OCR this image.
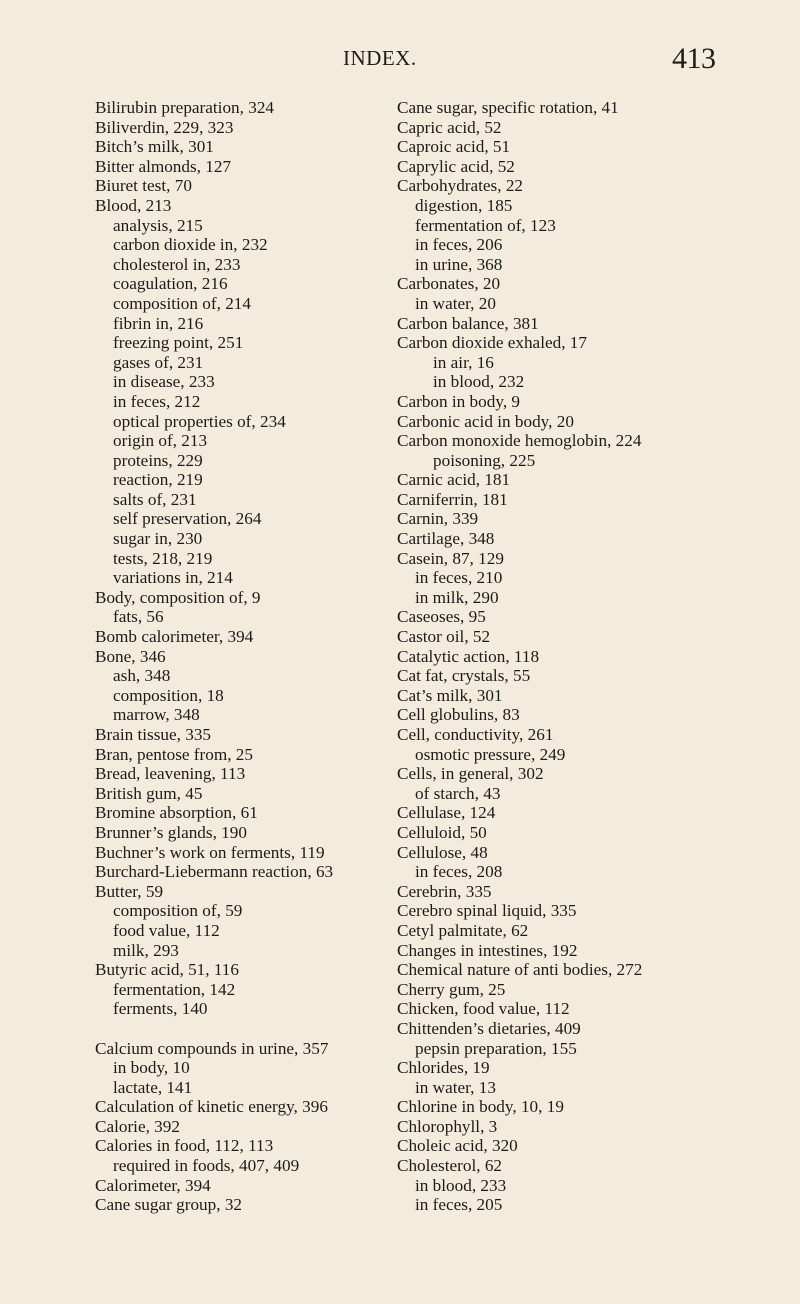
INDEX.	413
Bilirubin preparation, 324
Biliverdin, 229, 323
Bitch’s milk, 301
Bitter almonds, 127
Biuret test, 70
Blood, 213
analysis, 215
carbon dioxide in, 232
cholesterol in, 233
coagulation, 216
composition of, 214
fibrin in, 216
freezing point, 251
gases of, 231
in disease, 233
in feces, 212
optical properties of, 234
origin of, 213
proteins, 229
reaction, 219
salts of, 231
self preservation, 264
sugar in, 230
tests, 218, 219
variations in, 214
Body, composition of, 9
fats, 56
Bomb calorimeter, 394
Bone, 346
ash, 348
composition, 18
marrow, 348
Brain tissue, 335
Bran, pentose from, 25
Bread, leavening, 113
British gum, 45
Bromine absorption, 61
Brunner’s glands, 190
Buchner’s work on ferments, 119
Burchard-Liebermann reaction, 63
Butter, 59
composition of, 59
food value, 112
milk, 293
Butyric acid, 51, 116
fermentation, 142
ferments, 140
Calcium compounds in urine, 357
in body, 10
lactate, 141
Calculation of kinetic energy, 396
Calorie, 392
Calories in food, 112, 113
required in foods, 407, 409
Calorimeter, 394
Cane sugar group, 32
Cane sugar, specific rotation, 41
Capric acid, 52
Caproic acid, 51
Caprylic acid, 52
Carbohydrates, 22
digestion, 185
fermentation of, 123
in feces, 206
in urine, 368
Carbonates, 20
in water, 20
Carbon balance, 381
Carbon dioxide exhaled, 17
in air, 16
in blood, 232
Carbon in body, 9
Carbonic acid in body, 20
Carbon monoxide hemoglobin, 224
poisoning, 225
Carnic acid, 181
Carniferrin, 181
Carnin, 339
Cartilage, 348
Casein, 87, 129
in feces, 210
in milk, 290
Caseoses, 95
Castor oil, 52
Catalytic action, 118
Cat fat, crystals, 55
Cat’s milk, 301
Cell globulins, 83
Cell, conductivity, 261
osmotic pressure, 249
Cells, in general, 302
of starch, 43
Cellulase, 124
Celluloid, 50
Cellulose, 48
in feces, 208
Cerebrin, 335
Cerebro spinal liquid, 335
Cetyl palmitate, 62
Changes in intestines, 192
Chemical nature of anti bodies, 272
Cherry gum, 25
Chicken, food value, 112
Chittenden’s dietaries, 409
pepsin preparation, 155
Chlorides, 19
in water, 13
Chlorine in body, 10, 19
Chlorophyll, 3
Choleic acid, 320
Cholesterol, 62
in blood, 233
in feces, 205
